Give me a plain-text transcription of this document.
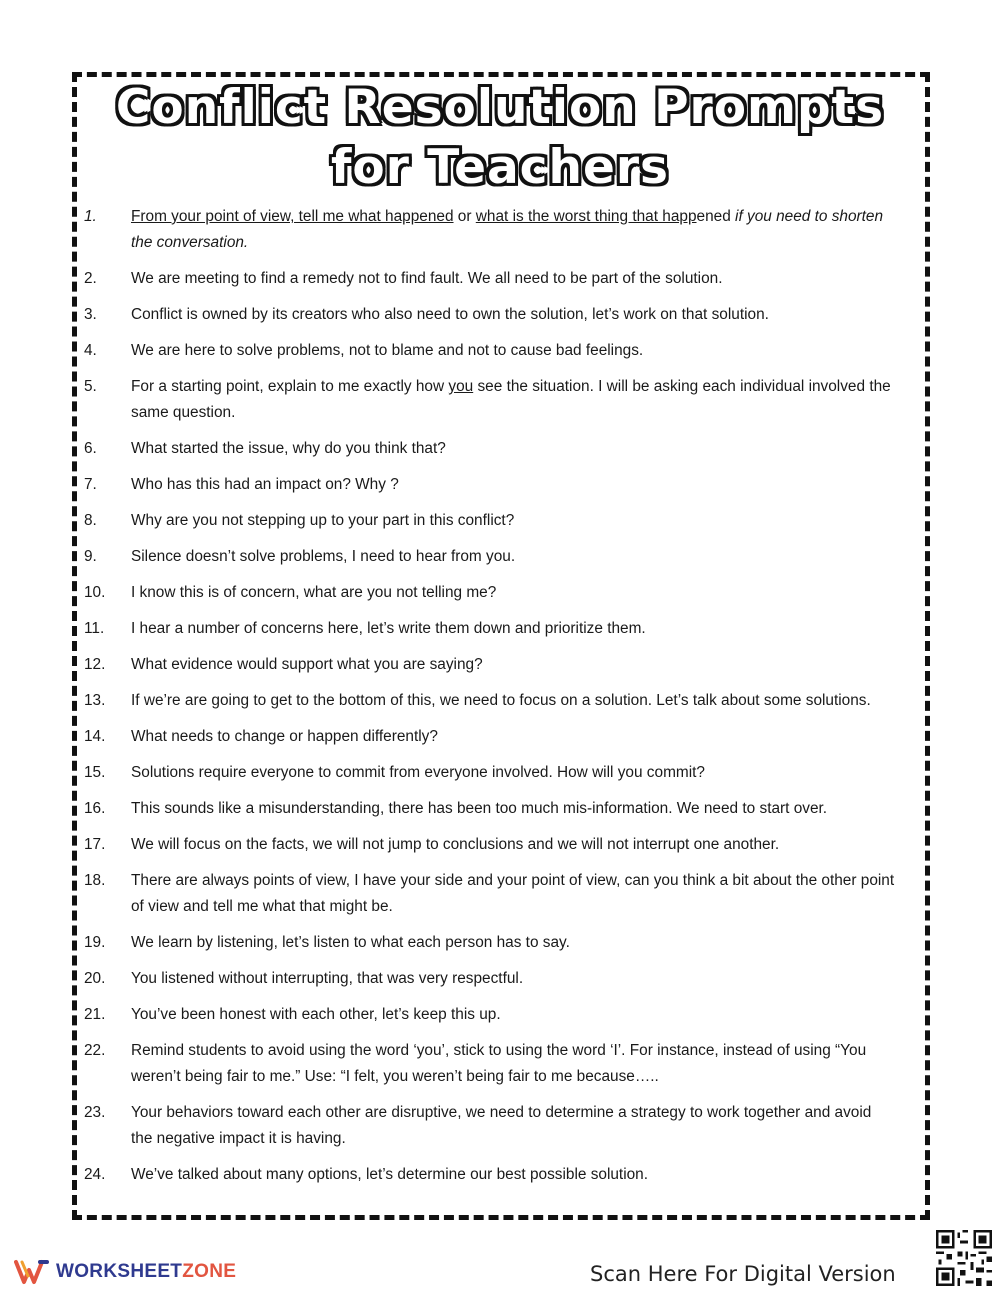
Conflict Resolution Prompts
for Teachers
1.	From your point of view, tell me what happened or what is the worst thing that happened if you need to shorten the conversation.
2.	We are meeting to find a remedy not to find fault. We all need to be part of the solution.
3.	Conflict is owned by its creators who also need to own the solution, let’s work on that solution.
4.	We are here to solve problems, not to blame and not to cause bad feelings.
5.	For a starting point, explain to me exactly how you see the situation. I will be asking each individual involved the same question.
6.	What started the issue, why do you think that?
7.	Who has this had an impact on? Why ?
8.	Why are you not stepping up to your part in this conflict?
9.	Silence doesn’t solve problems, I need to hear from you.
10.	I know this is of concern, what are you not telling me?
11.	I hear a number of concerns here, let’s write them down and prioritize them.
12.	What evidence would support what you are saying?
13.	If we’re are going to get to the bottom of this, we need to focus on a solution. Let’s talk about some solutions.
14.	What needs to change or happen differently?
15.	Solutions require everyone to commit from everyone involved. How will you commit?
16.	This sounds like a misunderstanding, there has been too much mis-information. We need to start over.
17.	We will focus on the facts, we will not jump to conclusions and we will not interrupt one another.
18.	There are always points of view, I have your side and your point of view, can you think a bit about the other point of view and tell me what that might be.
19.	We learn by listening, let’s listen to what each person has to say.
20.	You listened without interrupting, that was very respectful.
21.	You’ve been honest with each other, let’s keep this up.
22.	Remind students to avoid using the word ‘you’, stick to using the word ‘I’. For instance, instead of using “You weren’t being fair to me.” Use: “I felt, you weren’t being fair to me because…..
23.	Your behaviors toward each other are disruptive, we need to determine a strategy to work together and avoid the negative impact it is having.
24.	We’ve talked about many options, let’s determine our best possible solution.
WORKSHEETZONE	Scan Here For Digital Version
